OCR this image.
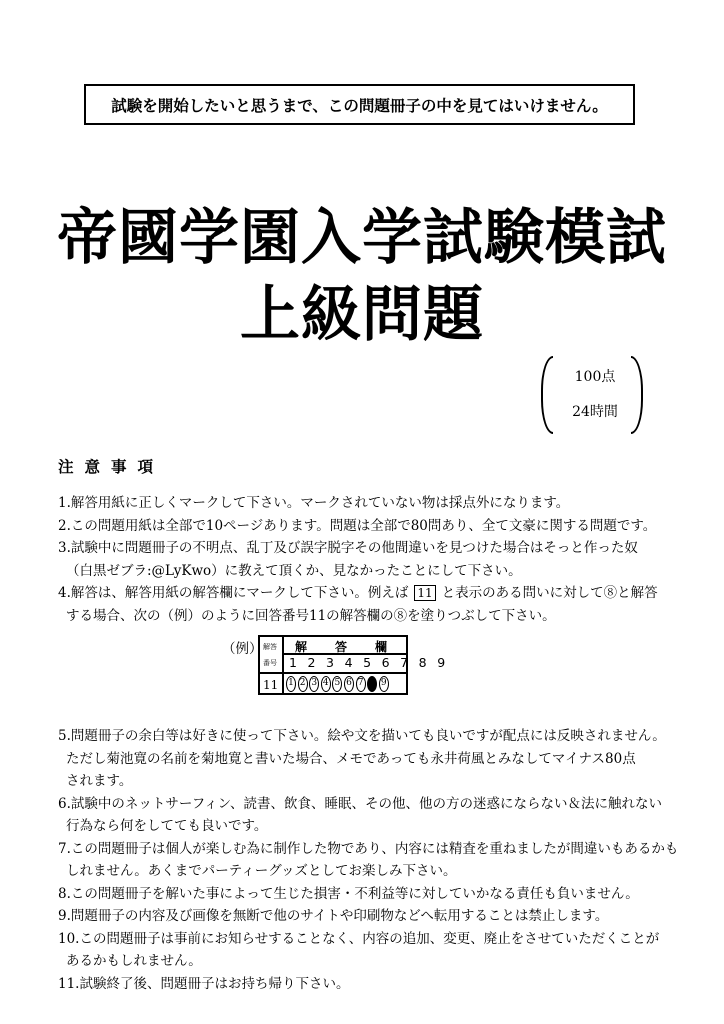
試験を開始したいと思うまで、この問題冊子の中を見てはいけません。
帝國学園入学試験模試
上級問題
100点
24時間
注意事項
1.解答用紙に正しくマークして下さい。マークされていない物は採点外になります。
2.この問題用紙は全部で10ページあります。問題は全部で80問あり、全て文豪に関する問題です。
3.試験中に問題冊子の不明点、乱丁及び誤字脱字その他間違いを見つけた場合はそっと作った奴
（白黒ゼブラ:@LyKwo）に教えて頂くか、見なかったことにして下さい。
4.解答は、解答用紙の解答欄にマークして下さい。例えば 11 と表示のある問いに対して⑧と解答
する場合、次の（例）のように回答番号11の解答欄の⑧を塗りつぶして下さい。
5.問題冊子の余白等は好きに使って下さい。絵や文を描いても良いですが配点には反映されません。
ただし菊池寛の名前を菊地寛と書いた場合、メモであっても永井荷風とみなしてマイナス80点
されます。
6.試験中のネットサーフィン、読書、飲食、睡眠、その他、他の方の迷惑にならない＆法に触れない
行為なら何をしてても良いです。
7.この問題冊子は個人が楽しむ為に制作した物であり、内容には精査を重ねましたが間違いもあるかも
しれません。あくまでパーティーグッズとしてお楽しみ下さい。
8.この問題冊子を解いた事によって生じた損害・不利益等に対していかなる責任も負いません。
9.問題冊子の内容及び画像を無断で他のサイトや印刷物などへ転用することは禁止します。
10.この問題冊子は事前にお知らせすることなく、内容の追加、変更、廃止をさせていただくことが
あるかもしれません。
11.試験終了後、問題冊子はお持ち帰り下さい。
（例） 解答
番号
解　答　欄
1 2 3 4 5 6 7 8 9
11 1 2 3 4 5 6 7 9
